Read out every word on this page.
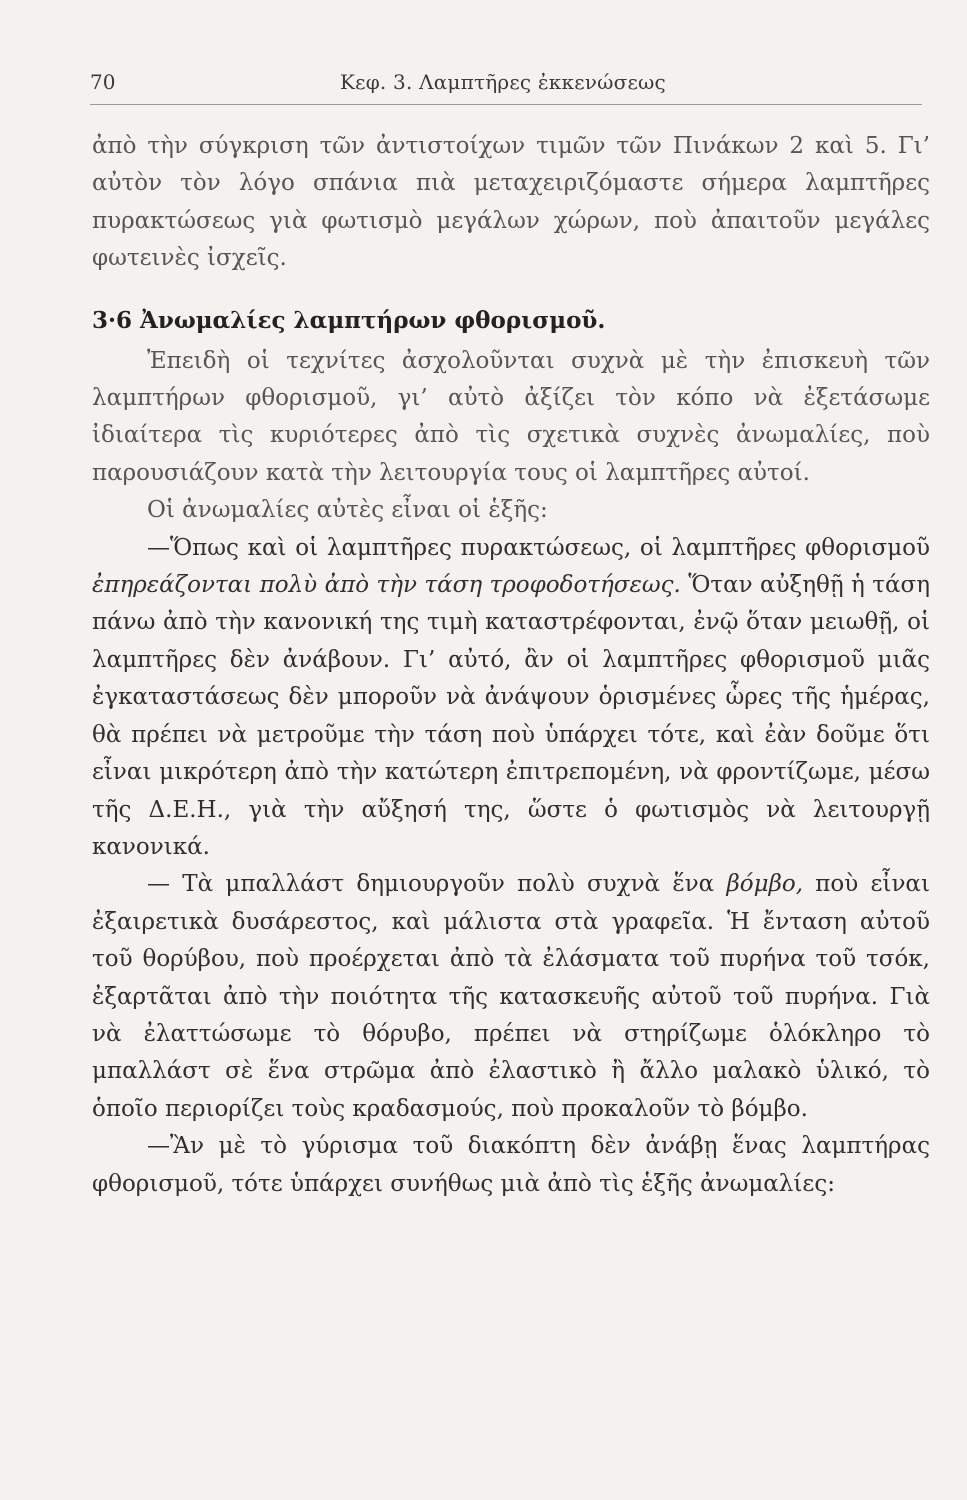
70	Κεφ. 3. Λαμπτῆρες ἐκκενώσεως

ἀπὸ τὴν σύγκριση τῶν ἀντιστοίχων τιμῶν τῶν Πινάκων 2 καὶ 5. Γι’ αὐτὸν τὸν λόγο σπάνια πιὰ μεταχειριζόμαστε σήμερα λαμπτῆρες πυρακτώσεως γιὰ φωτισμὸ μεγάλων χώρων, ποὺ ἀπαιτοῦν μεγάλες φωτεινὲς ἰσχεῖς.

3·6 Ἀνωμαλίες λαμπτήρων φθορισμοῦ.

Ἐπειδὴ οἱ τεχνίτες ἀσχολοῦνται συχνὰ μὲ τὴν ἐπισκευὴ τῶν λαμπτήρων φθορισμοῦ, γι’ αὐτὸ ἀξίζει τὸν κόπο νὰ ἐξετάσωμε ἰδιαίτερα τὶς κυριότερες ἀπὸ τὶς σχετικὰ συχνὲς ἀνωμαλίες, ποὺ παρουσιάζουν κατὰ τὴν λειτουργία τους οἱ λαμπτῆρες αὐτοί.

Οἱ ἀνωμαλίες αὐτὲς εἶναι οἱ ἑξῆς:

—Ὅπως καὶ οἱ λαμπτῆρες πυρακτώσεως, οἱ λαμπτῆρες φθορισμοῦ ἐπηρεάζονται πολὺ ἀπὸ τὴν τάση τροφοδοτήσεως. Ὅταν αὐξηθῇ ἡ τάση πάνω ἀπὸ τὴν κανονική της τιμὴ καταστρέφονται, ἐνῷ ὅταν μειωθῇ, οἱ λαμπτῆρες δὲν ἀνάβουν. Γι’ αὐτό, ἂν οἱ λαμπτῆρες φθορισμοῦ μιᾶς ἐγκαταστάσεως δὲν μποροῦν νὰ ἀνάψουν ὁρισμένες ὧρες τῆς ἡμέρας, θὰ πρέπει νὰ μετροῦμε τὴν τάση ποὺ ὑπάρχει τότε, καὶ ἐὰν δοῦμε ὅτι εἶναι μικρότερη ἀπὸ τὴν κατώτερη ἐπιτρεπομένη, νὰ φροντίζωμε, μέσω τῆς Δ.Ε.Η., γιὰ τὴν αὔξησή της, ὥστε ὁ φωτισμὸς νὰ λειτουργῇ κανονικά.

— Τὰ μπαλλάστ δημιουργοῦν πολὺ συχνὰ ἕνα βόμβο, ποὺ εἶναι ἐξαιρετικὰ δυσάρεστος, καὶ μάλιστα στὰ γραφεῖα. Ἡ ἔνταση αὐτοῦ τοῦ θορύβου, ποὺ προέρχεται ἀπὸ τὰ ἐλάσματα τοῦ πυρήνα τοῦ τσόκ, ἐξαρτᾶται ἀπὸ τὴν ποιότητα τῆς κατασκευῆς αὐτοῦ τοῦ πυρήνα. Γιὰ νὰ ἐλαττώσωμε τὸ θόρυβο, πρέπει νὰ στηρίζωμε ὁλόκληρο τὸ μπαλλάστ σὲ ἕνα στρῶμα ἀπὸ ἐλαστικὸ ἢ ἄλλο μαλακὸ ὑλικό, τὸ ὁποῖο περιορίζει τοὺς κραδασμούς, ποὺ προκαλοῦν τὸ βόμβο.

—Ἂν μὲ τὸ γύρισμα τοῦ διακόπτη δὲν ἀνάβῃ ἕνας λαμπτήρας φθορισμοῦ, τότε ὑπάρχει συνήθως μιὰ ἀπὸ τὶς ἑξῆς ἀνωμαλίες:
